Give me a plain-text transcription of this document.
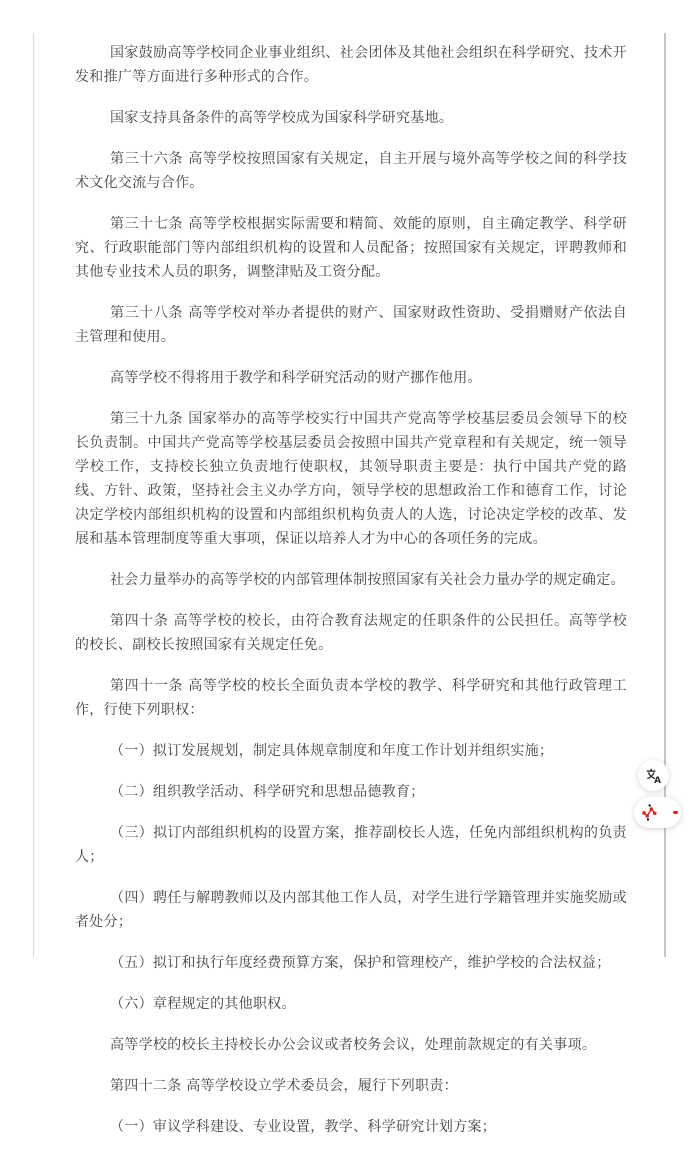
国家鼓励高等学校同企业事业组织、社会团体及其他社会组织在科学研究、技术开发和推广等方面进行多种形式的合作。

国家支持具备条件的高等学校成为国家科学研究基地。

第三十六条 高等学校按照国家有关规定，自主开展与境外高等学校之间的科学技术文化交流与合作。

第三十七条 高等学校根据实际需要和精简、效能的原则，自主确定教学、科学研究、行政职能部门等内部组织机构的设置和人员配备；按照国家有关规定，评聘教师和其他专业技术人员的职务，调整津贴及工资分配。

第三十八条 高等学校对举办者提供的财产、国家财政性资助、受捐赠财产依法自主管理和使用。

高等学校不得将用于教学和科学研究活动的财产挪作他用。

第三十九条 国家举办的高等学校实行中国共产党高等学校基层委员会领导下的校长负责制。中国共产党高等学校基层委员会按照中国共产党章程和有关规定，统一领导学校工作，支持校长独立负责地行使职权，其领导职责主要是：执行中国共产党的路线、方针、政策，坚持社会主义办学方向，领导学校的思想政治工作和德育工作，讨论决定学校内部组织机构的设置和内部组织机构负责人的人选，讨论决定学校的改革、发展和基本管理制度等重大事项，保证以培养人才为中心的各项任务的完成。

社会力量举办的高等学校的内部管理体制按照国家有关社会力量办学的规定确定。

第四十条 高等学校的校长，由符合教育法规定的任职条件的公民担任。高等学校的校长、副校长按照国家有关规定任免。

第四十一条 高等学校的校长全面负责本学校的教学、科学研究和其他行政管理工作，行使下列职权：

（一）拟订发展规划，制定具体规章制度和年度工作计划并组织实施；

（二）组织教学活动、科学研究和思想品德教育；

（三）拟订内部组织机构的设置方案，推荐副校长人选，任免内部组织机构的负责人；

（四）聘任与解聘教师以及内部其他工作人员，对学生进行学籍管理并实施奖励或者处分；

（五）拟订和执行年度经费预算方案，保护和管理校产，维护学校的合法权益；

（六）章程规定的其他职权。

高等学校的校长主持校长办公会议或者校务会议，处理前款规定的有关事项。

第四十二条 高等学校设立学术委员会，履行下列职责：

（一）审议学科建设、专业设置，教学、科学研究计划方案；

A
